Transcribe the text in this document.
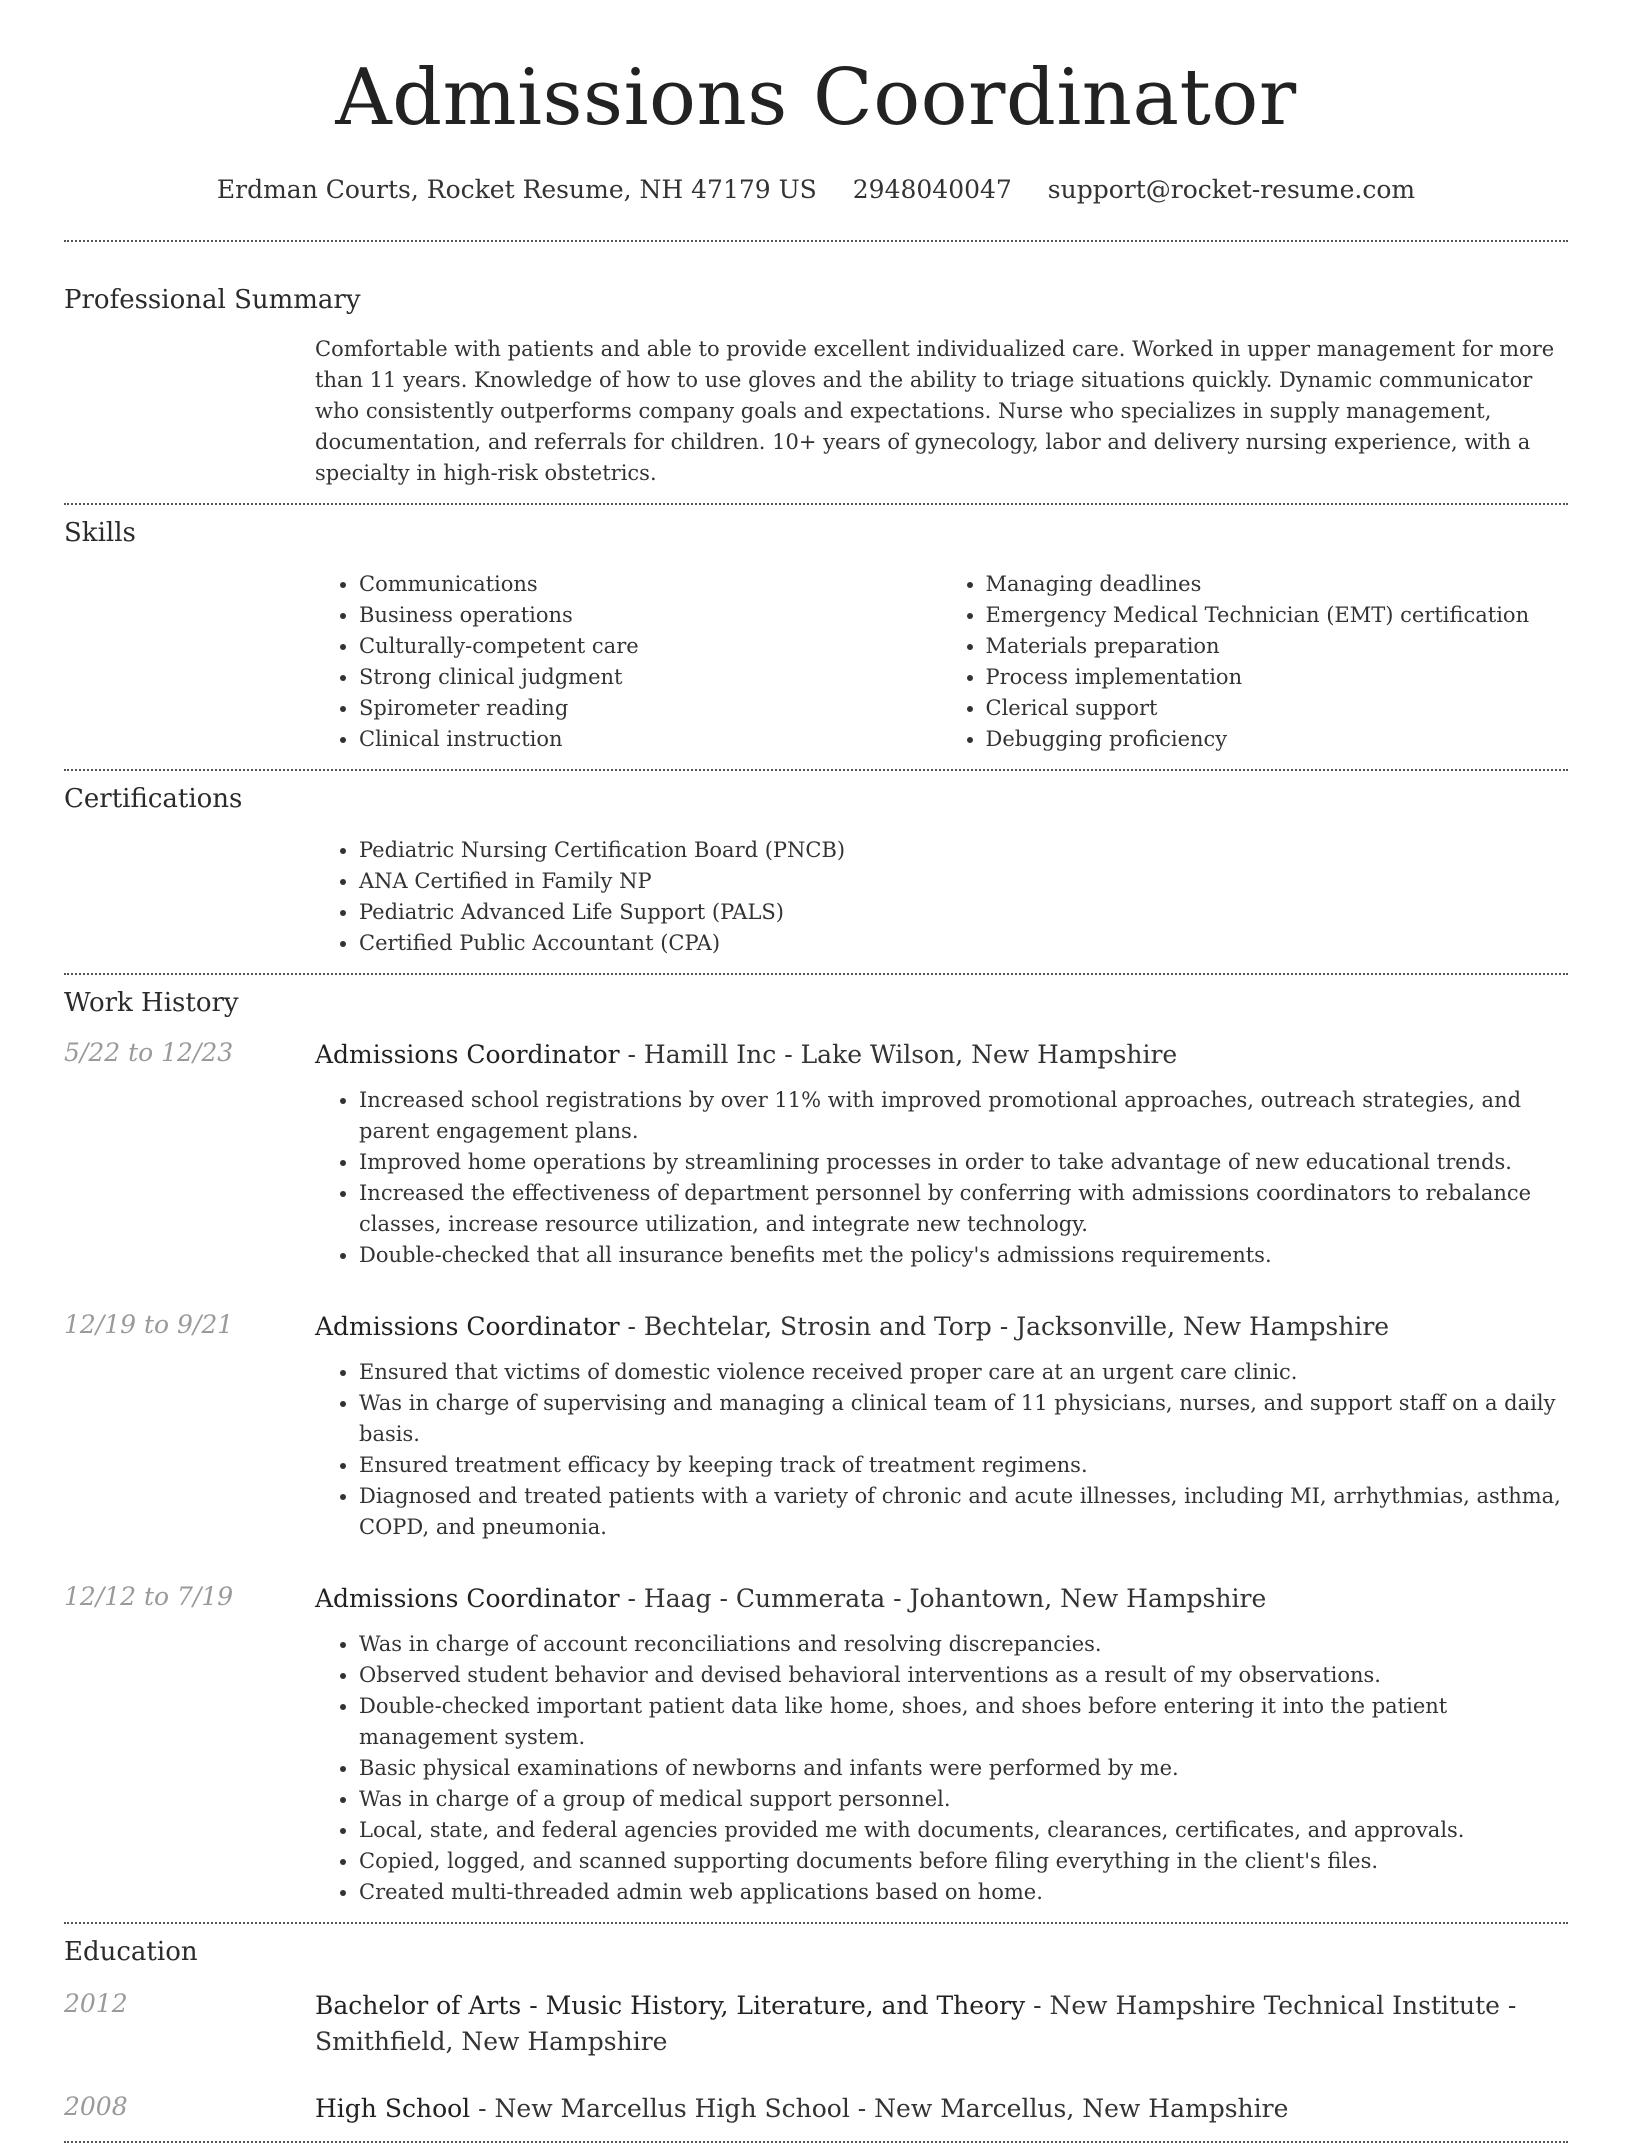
Admissions Coordinator
Erdman Courts, Rocket Resume, NH 47179 US 2948040047 support@rocket-resume.com
Professional Summary

Comfortable with patients and able to provide excellent individualized care. Worked in upper management for more than 11 years. Knowledge of how to use gloves and the ability to triage situations quickly. Dynamic communicator who consistently outperforms company goals and expectations. Nurse who specializes in supply management, documentation, and referrals for children. 10+ years of gynecology, labor and delivery nursing experience, with a specialty in high-risk obstetrics.

Skills
• Communications
• Business operations
• Culturally-competent care
• Strong clinical judgment
• Spirometer reading
• Clinical instruction
• Managing deadlines
• Emergency Medical Technician (EMT) certification
• Materials preparation
• Process implementation
• Clerical support
• Debugging proficiency
Certifications
• Pediatric Nursing Certification Board (PNCB)
• ANA Certified in Family NP
• Pediatric Advanced Life Support (PALS)
• Certified Public Accountant (CPA)
Work History
5/22 to 12/23	Admissions Coordinator - Hamill Inc - Lake Wilson, New Hampshire
• Increased school registrations by over 11% with improved promotional approaches, outreach strategies, and parent engagement plans.
• Improved home operations by streamlining processes in order to take advantage of new educational trends.
• Increased the effectiveness of department personnel by conferring with admissions coordinators to rebalance classes, increase resource utilization, and integrate new technology.
• Double-checked that all insurance benefits met the policy's admissions requirements.
12/19 to 9/21	Admissions Coordinator - Bechtelar, Strosin and Torp - Jacksonville, New Hampshire
• Ensured that victims of domestic violence received proper care at an urgent care clinic.
• Was in charge of supervising and managing a clinical team of 11 physicians, nurses, and support staff on a daily basis.
• Ensured treatment efficacy by keeping track of treatment regimens.
• Diagnosed and treated patients with a variety of chronic and acute illnesses, including MI, arrhythmias, asthma, COPD, and pneumonia.
12/12 to 7/19	Admissions Coordinator - Haag - Cummerata - Johantown, New Hampshire
• Was in charge of account reconciliations and resolving discrepancies.
• Observed student behavior and devised behavioral interventions as a result of my observations.
• Double-checked important patient data like home, shoes, and shoes before entering it into the patient management system.
• Basic physical examinations of newborns and infants were performed by me.
• Was in charge of a group of medical support personnel.
• Local, state, and federal agencies provided me with documents, clearances, certificates, and approvals.
• Copied, logged, and scanned supporting documents before filing everything in the client's files.
• Created multi-threaded admin web applications based on home.
Education
2012	Bachelor of Arts - Music History, Literature, and Theory - New Hampshire Technical Institute - Smithfield, New Hampshire
2008	High School - New Marcellus High School - New Marcellus, New Hampshire
